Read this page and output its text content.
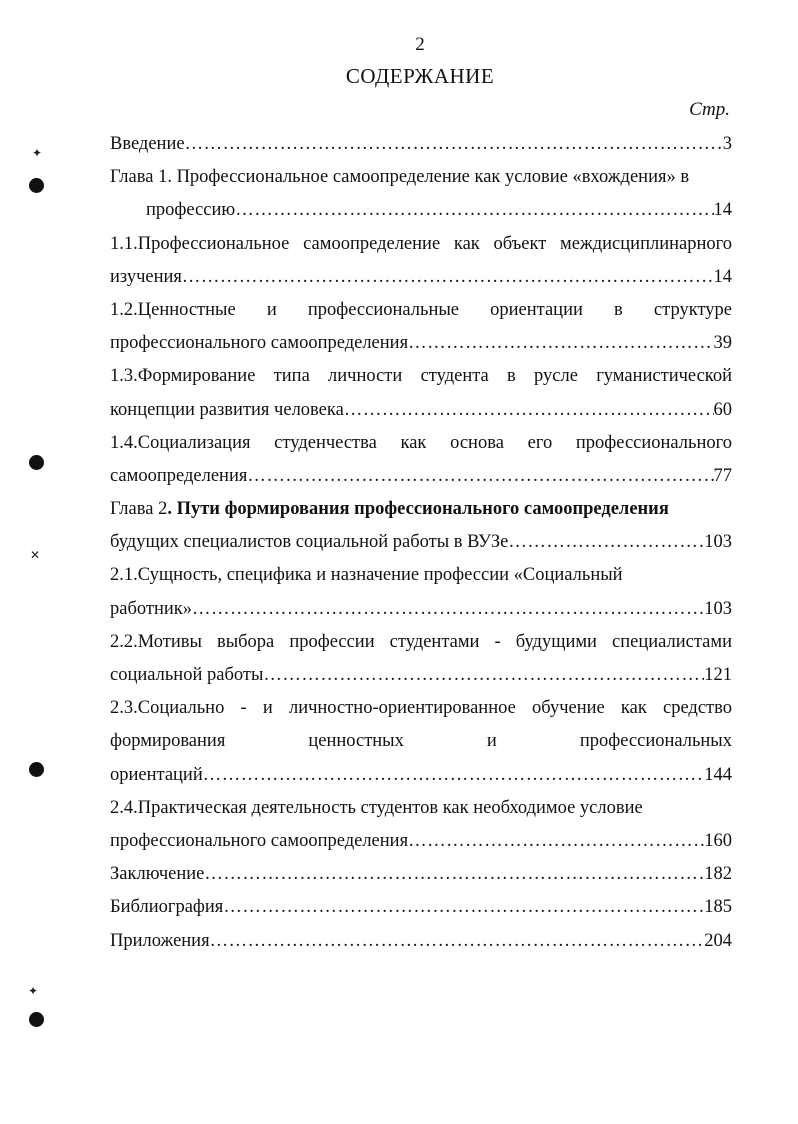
✦
✕
✦
2
СОДЕРЖАНИЕ
Стр.
Введение …………………………………………………………………………………………………………………………………………………………………………	3
Глава 1. Профессиональное самоопределение как условие «вхождения» в
профессию …………………………………………………………………………………………………………………………………………………………………………	14
1.1.Профессиональное самоопределение как объект междисциплинарного
изучения …………………………………………………………………………………………………………………………………………………………………………	14
1.2.Ценностные и профессиональные ориентации в структуре
профессионального самоопределения …………………………………………………………………………………………………………………………………………………………………………	39
1.3.Формирование типа личности студента в русле гуманистической
концепции развития человека …………………………………………………………………………………………………………………………………………………………………………	60
1.4.Социализация студенчества как основа его профессионального
самоопределения …………………………………………………………………………………………………………………………………………………………………………	77
Глава 2. Пути формирования профессионального самоопределения
будущих специалистов социальной работы в ВУЗе …………………………………………………………………………………………………………………………………………………………………………	103
2.1.Сущность, специфика и назначение профессии «Социальный
работник» …………………………………………………………………………………………………………………………………………………………………………	103
2.2.Мотивы выбора профессии студентами - будущими специалистами
социальной работы …………………………………………………………………………………………………………………………………………………………………………	121
2.3.Социально - и личностно-ориентированное обучение как средство
формирования ценностных и профессиональных
ориентаций …………………………………………………………………………………………………………………………………………………………………………	144
2.4.Практическая деятельность студентов как необходимое условие
профессионального самоопределения …………………………………………………………………………………………………………………………………………………………………………	160
Заключение …………………………………………………………………………………………………………………………………………………………………………	182
Библиография …………………………………………………………………………………………………………………………………………………………………………	185
Приложения …………………………………………………………………………………………………………………………………………………………………………	204
